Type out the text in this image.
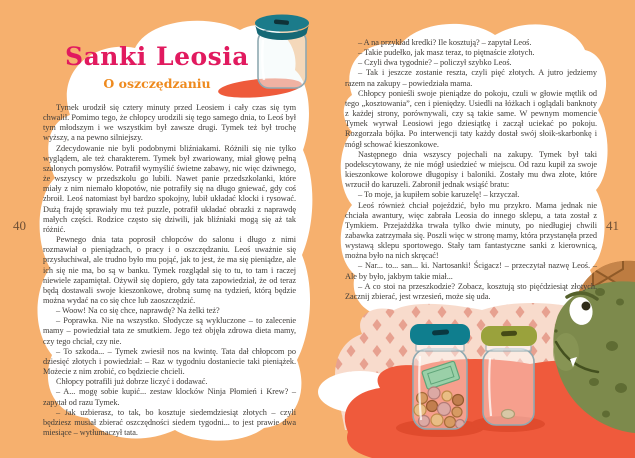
Sanki Leosia
O oszczędzaniu

Tymek urodził się cztery minuty przed Leosiem i cały czas się tym chwalił. Pomimo tego, że chłopcy urodzili się tego samego dnia, to Leoś był tym młodszym i we wszystkim był zawsze drugi. Tymek też był trochę wyższy, a na pewno silniejszy.

Zdecydowanie nie byli podobnymi bliźniakami. Różnili się nie tylko wyglądem, ale też charakterem. Tymek był zwariowany, miał głowę pełną szalonych pomysłów. Potrafił wymyślić świetne zabawy, nic więc dziwnego, że wszyscy w przedszkolu go lubili. Nawet panie przedszkolanki, które miały z nim niemało kłopotów, nie potrafiły się na długo gniewać, gdy coś zbroił. Leoś natomiast był bardzo spokojny, lubił układać klocki i rysować. Dużą frajdę sprawiały mu też puzzle, potrafił układać obrazki z naprawdę małych części. Rodzice często się dziwili, jak bliźniaki mogą się aż tak różnić.

Pewnego dnia tata poprosił chłopców do salonu i długo z nimi rozmawiał o pieniądzach, o pracy i o oszczędzaniu. Leoś uważnie się przysłuchiwał, ale trudno było mu pojąć, jak to jest, że ma się pieniądze, ale ich się nie ma, bo są w banku. Tymek rozglądał się to tu, to tam i raczej niewiele zapamiętał. Ożywił się dopiero, gdy tata zapowiedział, że od teraz będą dostawali swoje kieszonkowe, drobną sumę na tydzień, którą będzie można wydać na co się chce lub zaoszczędzić.

– Woow! Na co się chce, naprawdę? Na żelki też?

– Poprawka. Nie na wszystko. Słodycze są wykluczone – to zalecenie mamy – powiedział tata ze smutkiem. Jego też objęła zdrowa dieta mamy, czy tego chciał, czy nie.

– To szkoda... – Tymek zwiesił nos na kwintę. Tata dał chłopcom po dziesięć złotych i powiedział: – Raz w tygodniu dostaniecie taki pieniążek. Możecie z nim zrobić, co będziecie chcieli.

Chłopcy potrafili już dobrze liczyć i dodawać.

– A... mogę sobie kupić... zestaw klocków Ninja Płomień i Krew? – zapytał od razu Tymek.

– Jak uzbierasz, to tak, bo kosztuje siedemdziesiąt złotych – czyli będziesz musiał zbierać oszczędności siedem tygodni... to jest prawie dwa miesiące – wytłumaczył tata.

– A na przykład kredki? Ile kosztują? – zapytał Leoś.

– Takie pudełko, jak masz teraz, to piętnaście złotych.

– Czyli dwa tygodnie? – policzył szybko Leoś.

– Tak i jeszcze zostanie reszta, czyli pięć złotych. A jutro jedziemy razem na zakupy – powiedziała mama.

Chłopcy ponieśli swoje pieniądze do pokoju, czuli w głowie mętlik od tego „kosztowania”, cen i pieniędzy. Usiedli na łóżkach i oglądali banknoty z każdej strony, porównywali, czy są takie same. W pewnym momencie Tymek wyrwał Leosiowi jego dziesiątkę i zaczął uciekać po pokoju. Rozgorzała bójka. Po interwencji taty każdy dostał swój słoik-skarbonkę i mógł schować kieszonkowe.

Następnego dnia wszyscy pojechali na zakupy. Tymek był taki podekscytowany, że nie mógł usiedzieć w miejscu. Od razu kupił za swoje kieszonkowe kolorowe długopisy i baloniki. Zostały mu dwa złote, które wrzucił do karuzeli. Zabronił jednak wsiąść bratu:

– To moje, ja kupiłem sobie karuzelę! – krzyczał.

Leoś również chciał pojeździć, było mu przykro. Mama jednak nie chciała awantury, więc zabrała Leosia do innego sklepu, a tata został z Tymkiem. Przejażdżka trwała tylko dwie minuty, po niedługiej chwili zabawka zatrzymała się. Poszli więc w stronę mamy, która przystanęła przed wystawą sklepu sportowego. Stały tam fantastyczne sanki z kierownicą, można było na nich skręcać!

– Nar... to... san... ki. Nartosanki! Ścigacz! – przeczytał nazwę Leoś. – Ale by było, jakbym takie miał...

– A co stoi na przeszkodzie? Zobacz, kosztują sto pięćdziesiąt złotych. Zacznij zbierać, jest wrzesień, może się uda.

40	41
